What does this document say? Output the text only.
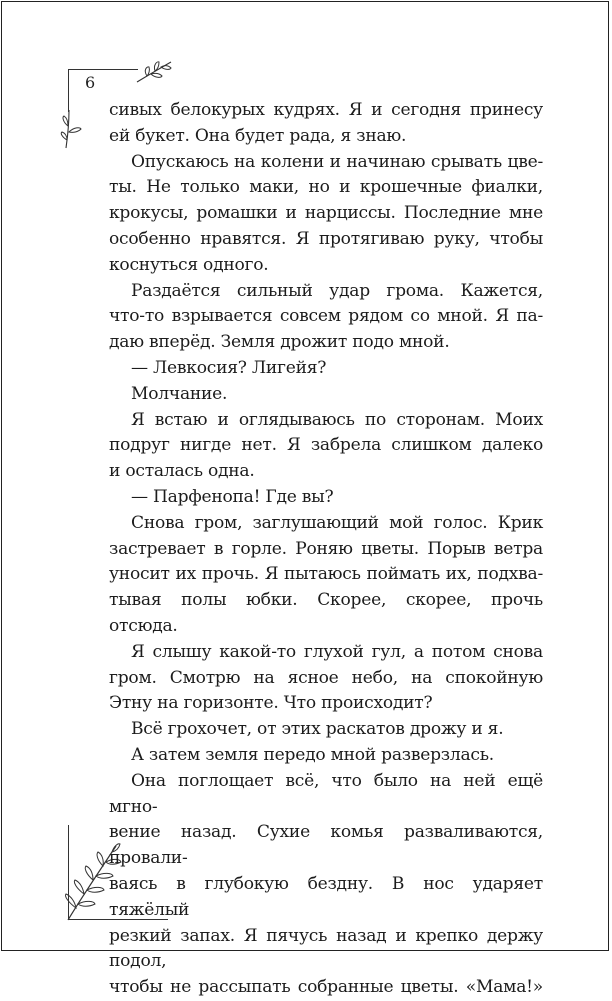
6

сивых белокурых кудрях. Я и сегодня принесу

ей букет. Она будет рада, я знаю.

Опускаюсь на колени и начинаю срывать цве-

ты. Не только маки, но и крошечные фиалки,

крокусы, ромашки и нарциссы. Последние мне

особенно нравятся. Я протягиваю руку, чтобы

коснуться одного.

Раздаётся сильный удар грома. Кажется,

что-то взрывается совсем рядом со мной. Я па-

даю вперёд. Земля дрожит подо мной.

— Левкосия? Лигейя?

Молчание.

Я встаю и оглядываюсь по сторонам. Моих

подруг нигде нет. Я забрела слишком далеко

и осталась одна.

— Парфенопа! Где вы?

Снова гром, заглушающий мой голос. Крик

застревает в горле. Роняю цветы. Порыв ветра

уносит их прочь. Я пытаюсь поймать их, подхва-

тывая полы юбки. Скорее, скорее, прочь отсюда.

Я слышу какой-то глухой гул, а потом снова

гром. Смотрю на ясное небо, на спокойную

Этну на горизонте. Что происходит?

Всё грохочет, от этих раскатов дрожу и я.

А затем земля передо мной разверзлась.

Она поглощает всё, что было на ней ещё мгно-

вение назад. Сухие комья разваливаются, провали-

ваясь в глубокую бездну. В нос ударяет тяжёлый

резкий запах. Я пячусь назад и крепко держу подол,

чтобы не рассыпать собранные цветы. «Мама!»
